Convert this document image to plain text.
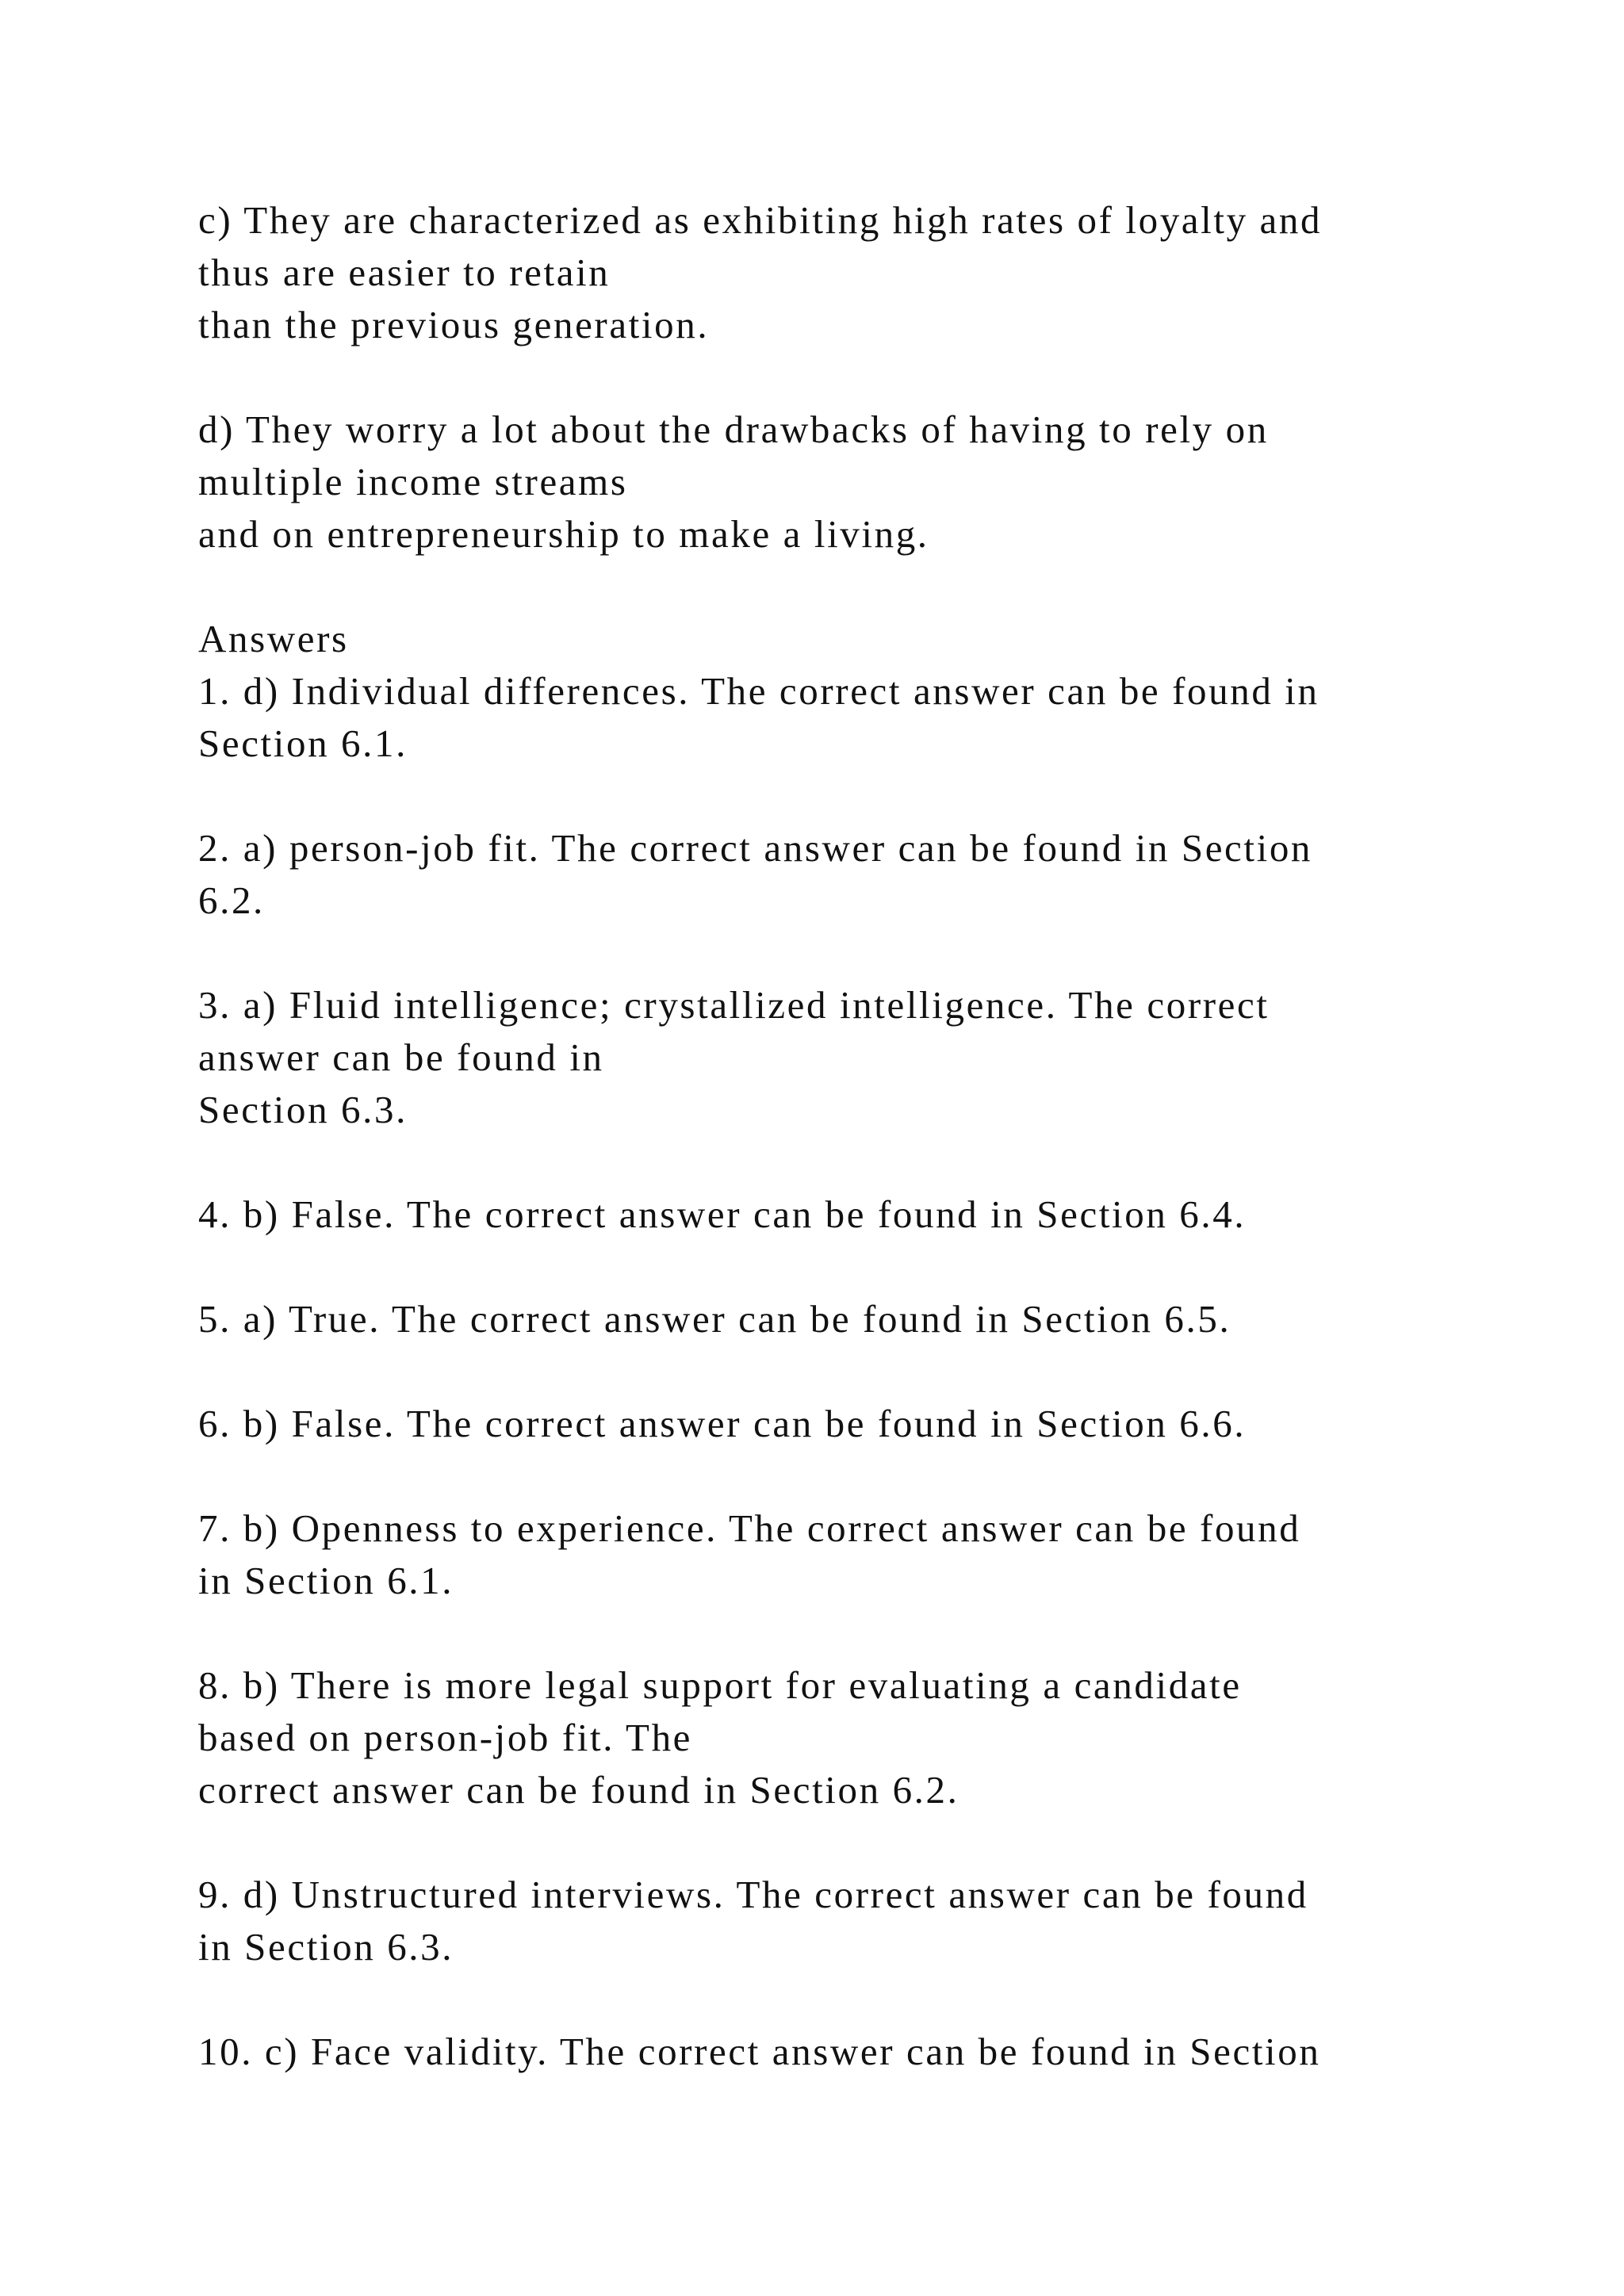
c) They are characterized as exhibiting high rates of loyalty and
thus are easier to retain
than the previous generation.

d) They worry a lot about the drawbacks of having to rely on
multiple income streams
and on entrepreneurship to make a living.

Answers
1. d) Individual differences. The correct answer can be found in
Section 6.1.

2. a) person-job fit. The correct answer can be found in Section
6.2.

3. a) Fluid intelligence; crystallized intelligence. The correct
answer can be found in
Section 6.3.

4. b) False. The correct answer can be found in Section 6.4.

5. a) True. The correct answer can be found in Section 6.5.

6. b) False. The correct answer can be found in Section 6.6.

7. b) Openness to experience. The correct answer can be found
in Section 6.1.

8. b) There is more legal support for evaluating a candidate
based on person-job fit. The
correct answer can be found in Section 6.2.

9. d) Unstructured interviews. The correct answer can be found
in Section 6.3.

10. c) Face validity. The correct answer can be found in Section
